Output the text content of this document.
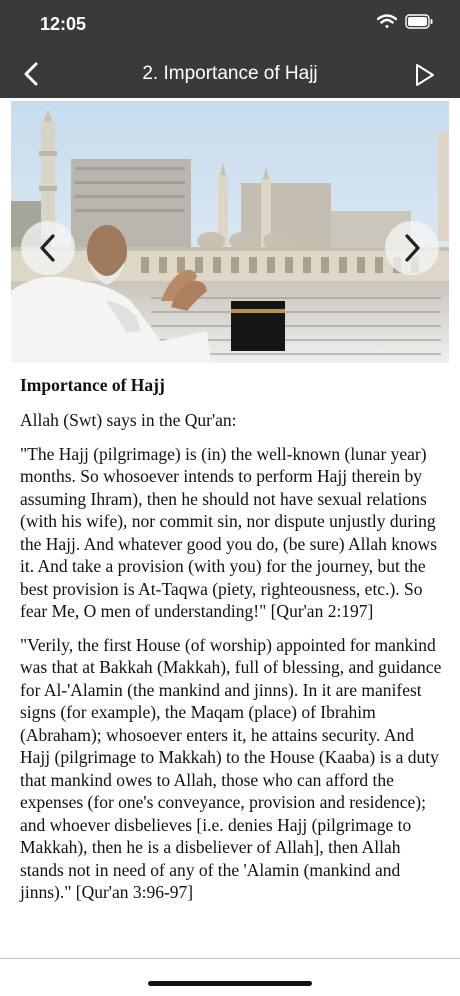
12:05
2. Importance of Hajj
Importance of Hajj

Allah (Swt) says in the Qur'an:

"The Hajj (pilgrimage) is (in) the well-known (lunar year) months. So whosoever intends to perform Hajj therein by assuming Ihram), then he should not have sexual relations (with his wife), nor commit sin, nor dispute unjustly during the Hajj. And whatever good you do, (be sure) Allah knows it. And take a provision (with you) for the journey, but the best provision is At-Taqwa (piety, righteousness, etc.). So fear Me, O men of understanding!" [Qur'an 2:197]

"Verily, the first House (of worship) appointed for mankind was that at Bakkah (Makkah), full of blessing, and guidance for Al-'Alamin (the mankind and jinns). In it are manifest signs (for example), the Maqam (place) of Ibrahim (Abraham); whosoever enters it, he attains security. And Hajj (pilgrimage to Makkah) to the House (Kaaba) is a duty that mankind owes to Allah, those who can afford the expenses (for one's conveyance, provision and residence); and whoever disbelieves [i.e. denies Hajj (pilgrimage to Makkah), then he is a disbeliever of Allah], then Allah stands not in need of any of the 'Alamin (mankind and jinns)." [Qur'an 3:96-97]
